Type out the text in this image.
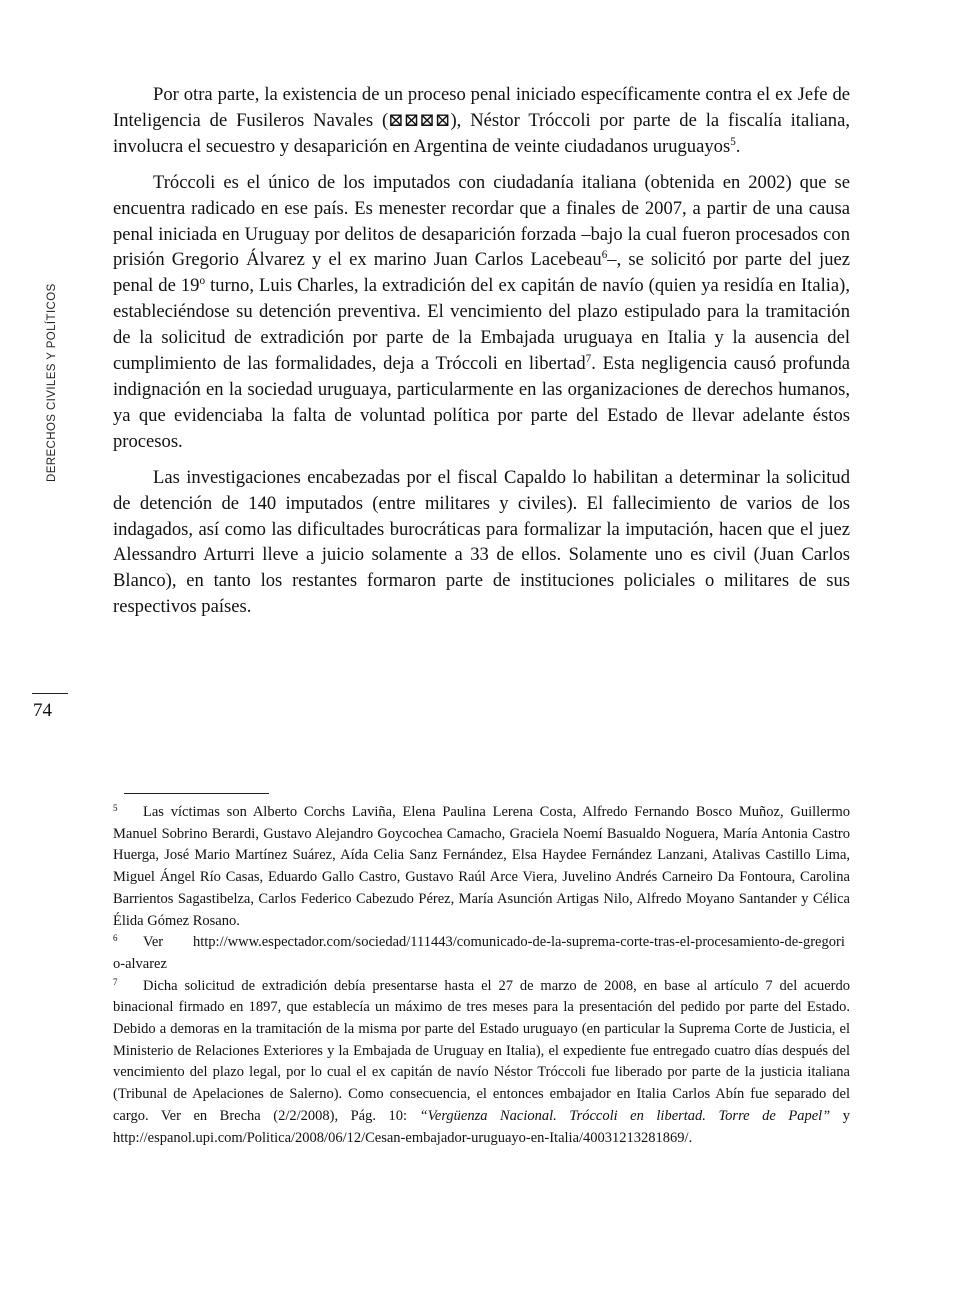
DERECHOS CIVILES Y POLÍTICOS
74

Por otra parte, la existencia de un proceso penal iniciado específicamente contra el ex Jefe de Inteligencia de Fusileros Navales (⊠⊠⊠⊠), Néstor Tróccoli por parte de la fiscalía italiana, involucra el secuestro y desaparición en Argentina de veinte ciudadanos uruguayos$^5$.

Tróccoli es el único de los imputados con ciudadanía italiana (obtenida en 2002) que se encuentra radicado en ese país. Es menester recordar que a finales de 2007, a partir de una causa penal iniciada en Uruguay por delitos de desaparición forzada –bajo la cual fueron procesados con prisión Gregorio Álvarez y el ex marino Juan Carlos Lacebeau$^6$–, se solicitó por parte del juez penal de 19$^o$ turno, Luis Charles, la extradición del ex capitán de navío (quien ya residía en Italia), estableciéndose su detención preventiva. El vencimiento del plazo estipulado para la tramitación de la solicitud de extradición por parte de la Embajada uruguaya en Italia y la ausencia del cumplimiento de las formalidades, deja a Tróccoli en libertad$^7$. Esta negligencia causó profunda indignación en la sociedad uruguaya, particularmente en las organizaciones de derechos humanos, ya que evidenciaba la falta de voluntad política por parte del Estado de llevar adelante éstos procesos.

Las investigaciones encabezadas por el fiscal Capaldo lo habilitan a determinar la solicitud de detención de 140 imputados (entre militares y civiles). El fallecimiento de varios de los indagados, así como las dificultades burocráticas para formalizar la imputación, hacen que el juez Alessandro Arturri lleve a juicio solamente a 33 de ellos. Solamente uno es civil (Juan Carlos Blanco), en tanto los restantes formaron parte de instituciones policiales o militares de sus respectivos países.

5 Las víctimas son Alberto Corchs Laviña, Elena Paulina Lerena Costa, Alfredo Fernando Bosco Muñoz, Guillermo Manuel Sobrino Berardi, Gustavo Alejandro Goycochea Camacho, Graciela Noemí Basualdo Noguera, María Antonia Castro Huerga, José Mario Martínez Suárez, Aída Celia Sanz Fernández, Elsa Haydee Fernández Lanzani, Atalivas Castillo Lima, Miguel Ángel Río Casas, Eduardo Gallo Castro, Gustavo Raúl Arce Viera, Juvelino Andrés Carneiro Da Fontoura, Carolina Barrientos Sagastibelza, Carlos Federico Cabezudo Pérez, María Asunción Artigas Nilo, Alfredo Moyano Santander y Célica Élida Gómez Rosano.

6 Ver http://www.espectador.com/sociedad/111443/comunicado-de-la-suprema-corte-tras-el-procesamiento-de-gregorio-alvarez

7 Dicha solicitud de extradición debía presentarse hasta el 27 de marzo de 2008, en base al artículo 7 del acuerdo binacional firmado en 1897, que establecía un máximo de tres meses para la presentación del pedido por parte del Estado. Debido a demoras en la tramitación de la misma por parte del Estado uruguayo (en particular la Suprema Corte de Justicia, el Ministerio de Relaciones Exteriores y la Embajada de Uruguay en Italia), el expediente fue entregado cuatro días después del vencimiento del plazo legal, por lo cual el ex capitán de navío Néstor Tróccoli fue liberado por parte de la justicia italiana (Tribunal de Apelaciones de Salerno). Como consecuencia, el entonces embajador en Italia Carlos Abín fue separado del cargo. Ver en Brecha (2/2/2008), Pág. 10: “Vergüenza Nacional. Tróccoli en libertad. Torre de Papel” y http://espanol.upi.com/Politica/2008/06/12/Cesan-embajador-uruguayo-en-Italia/40031213281869/.
